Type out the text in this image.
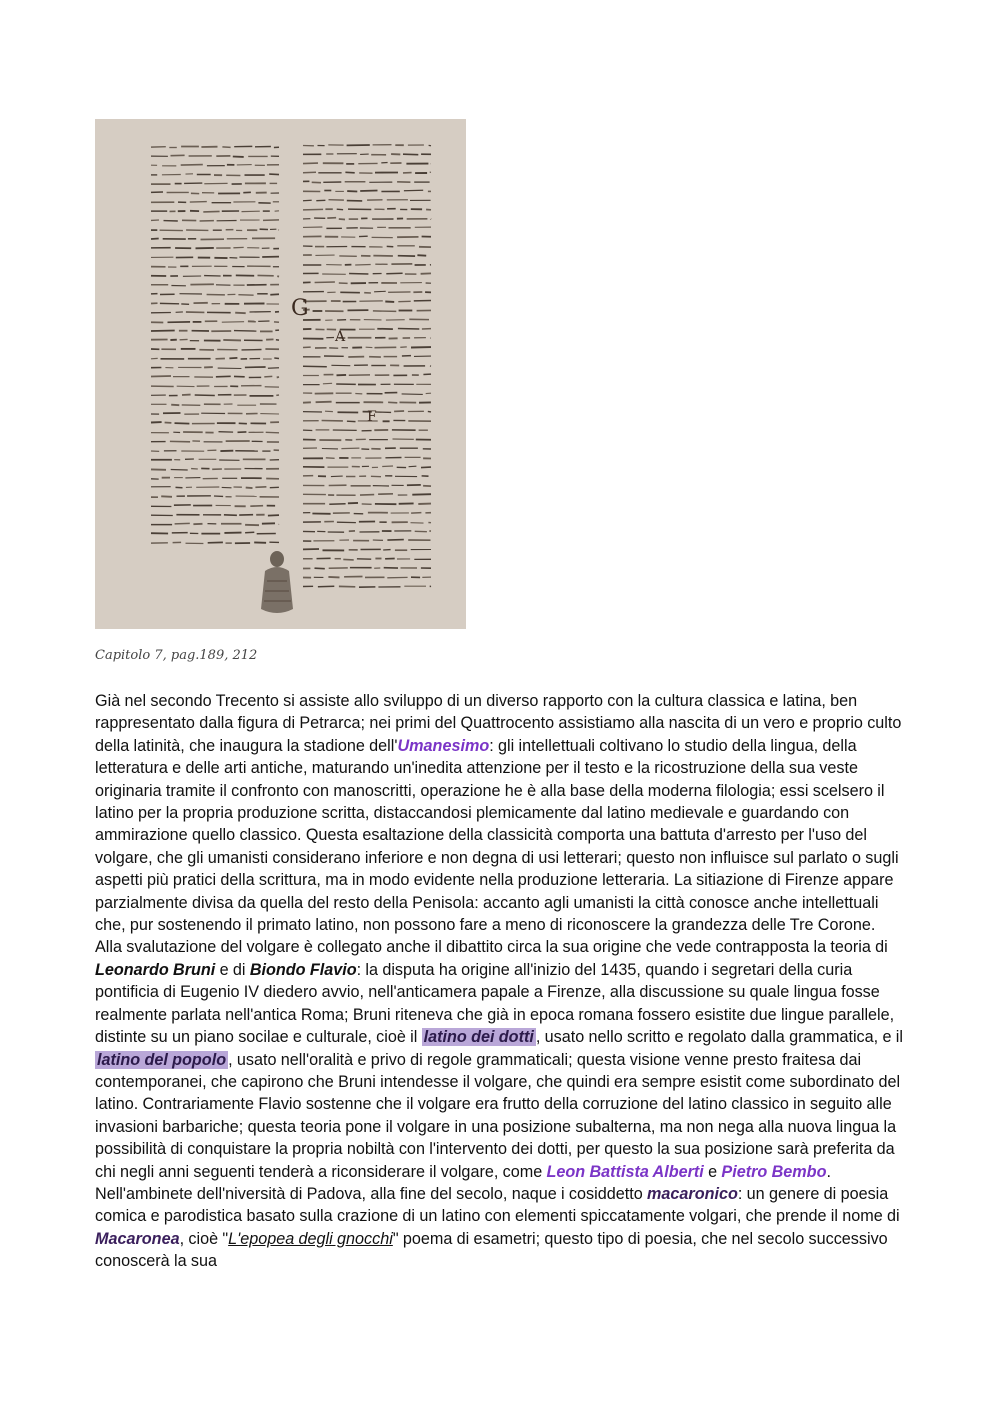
G
A
F
Capitolo 7, pag.189, 212

Già nel secondo Trecento si assiste allo sviluppo di un diverso rapporto con la cultura classica e latina, ben rappresentato dalla figura di Petrarca; nei primi del Quattrocento assistiamo alla nascita di un vero e proprio culto della latinità, che inaugura la stadione dell'Umanesimo: gli intellettuali coltivano lo studio della lingua, della letteratura e delle arti antiche, maturando un'inedita attenzione per il testo e la ricostruzione della sua veste originaria tramite il confronto con manoscritti, operazione he è alla base della moderna filologia; essi scelsero il latino per la propria produzione scritta, distaccandosi plemicamente dal latino medievale e guardando con ammirazione quello classico. Questa esaltazione della classicità comporta una battuta d'arresto per l'uso del volgare, che gli umanisti considerano inferiore e non degna di usi letterari; questo non influisce sul parlato o sugli aspetti più pratici della scrittura, ma in modo evidente nella produzione letteraria. La sitiazione di Firenze appare parzialmente divisa da quella del resto della Penisola: accanto agli umanisti la città conosce anche intellettuali che, pur sostenendo il primato latino, non possono fare a meno di riconoscere la grandezza delle Tre Corone.

Alla svalutazione del volgare è collegato anche il dibattito circa la sua origine che vede contrapposta la teoria di Leonardo Bruni e di Biondo Flavio: la disputa ha origine all'inizio del 1435, quando i segretari della curia pontificia di Eugenio IV diedero avvio, nell'anticamera papale a Firenze, alla discussione su quale lingua fosse realmente parlata nell'antica Roma; Bruni riteneva che già in epoca romana fossero esistite due lingue parallele, distinte su un piano socilae e culturale, cioè il latino dei dotti , usato nello scritto e regolato dalla grammatica, e il latino del popolo , usato nell'oralità e privo di regole grammaticali; questa visione venne presto fraitesa dai contemporanei, che capirono che Bruni intendesse il volgare, che quindi era sempre esistit come subordinato del latino. Contrariamente Flavio sostenne che il volgare era frutto della corruzione del latino classico in seguito alle invasioni barbariche; questa teoria pone il volgare in una posizione subalterna, ma non nega alla nuova lingua la possibilità di conquistare la propria nobiltà con l'intervento dei dotti, per questo la sua posizione sarà preferita da chi negli anni seguenti tenderà a riconsiderare il volgare, come Leon Battista Alberti e Pietro Bembo. Nell'ambinete dell'niversità di Padova, alla fine del secolo, naque i cosiddetto macaronico: un genere di poesia comica e parodistica basato sulla crazione di un latino con elementi spiccatamente volgari, che prende il nome di Macaronea, cioè "L'epopea degli gnocchi" poema di esametri; questo tipo di poesia, che nel secolo successivo conoscerà la sua
